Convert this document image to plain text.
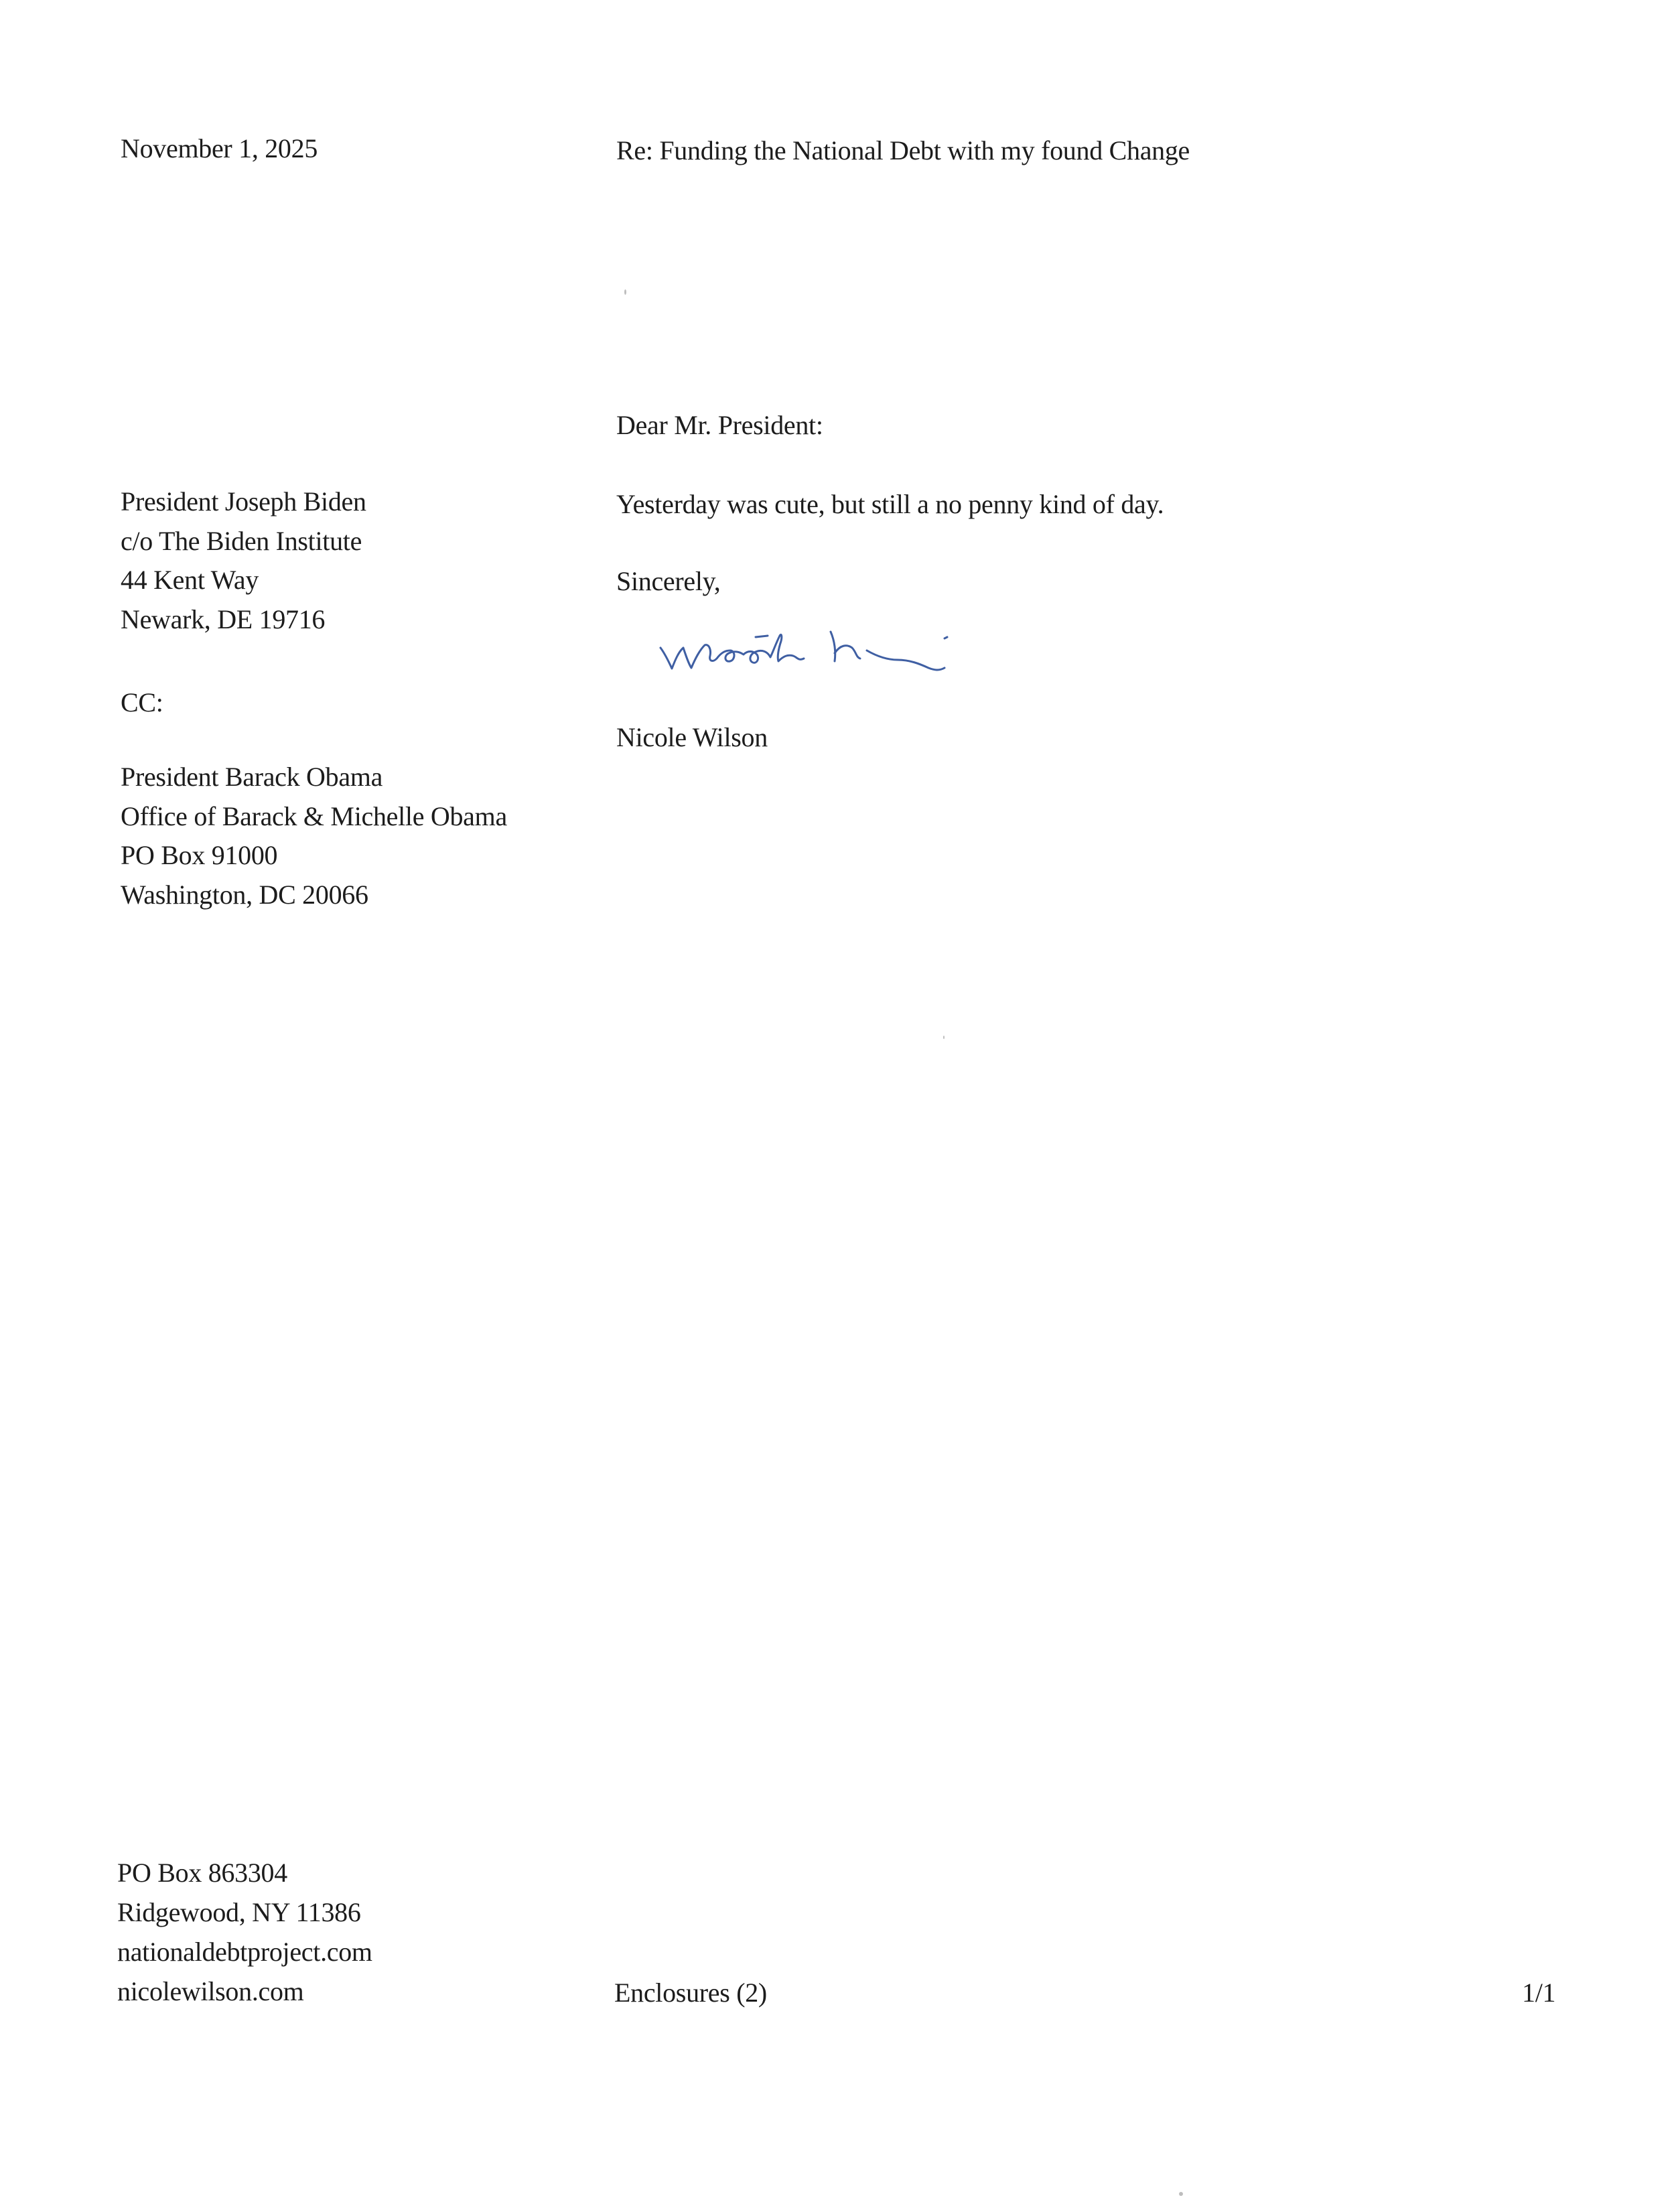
November 1, 2025	Re: Funding the National Debt with my found Change
Dear Mr. President:
President Joseph Biden
c/o The Biden Institute
44 Kent Way
Newark, DE 19716
Yesterday was cute, but still a no penny kind of day.
Sincerely,
Nicole Wilson
CC:
President Barack Obama
Office of Barack & Michelle Obama
PO Box 91000
Washington, DC 20066
PO Box 863304
Ridgewood, NY 11386
nationaldebtproject.com
nicolewilson.com	Enclosures (2)	1/1
